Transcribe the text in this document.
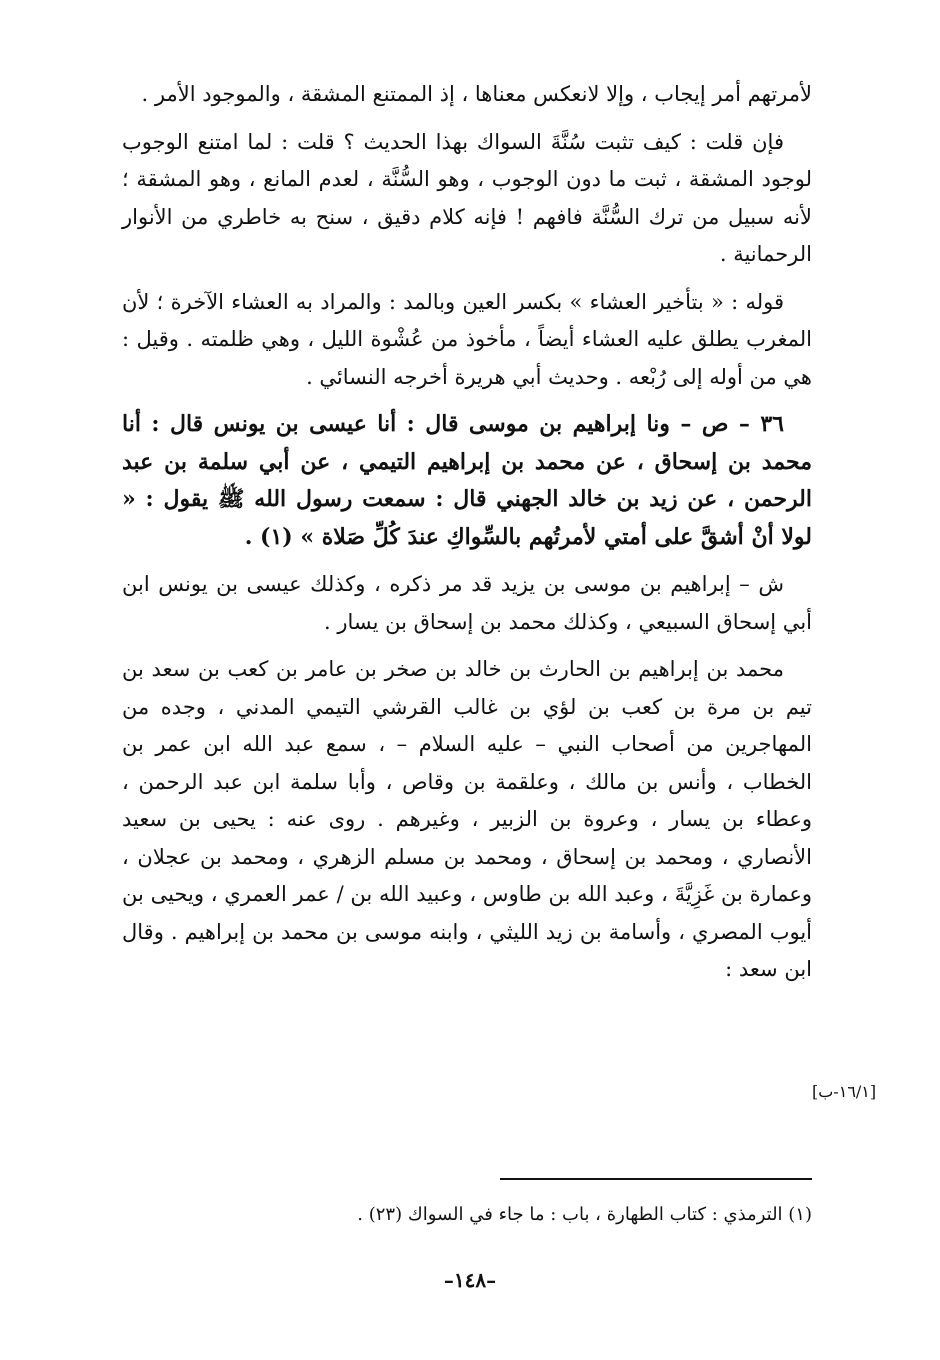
لأمرتهم أمر إيجاب ، وإلا لانعكس معناها ، إذ الممتنع المشقة ، والموجود الأمر .

فإن قلت : كيف تثبت سُنَّةَ السواك بهذا الحديث ؟ قلت : لما امتنع الوجوب لوجود المشقة ، ثبت ما دون الوجوب ، وهو السُّنَّة ، لعدم المانع ، وهو المشقة ؛ لأنه سبيل من ترك السُّنَّة فافهم ! فإنه كلام دقيق ، سنح به خاطري من الأنوار الرحمانية .

قوله : « بتأخير العشاء » بكسر العين وبالمد : والمراد به العشاء الآخرة ؛ لأن المغرب يطلق عليه العشاء أيضاً ، مأخوذ من عُشْوة الليل ، وهي ظلمته . وقيل : هي من أوله إلى رُبْعه . وحديث أبي هريرة أخرجه النسائي .

٣٦ – ص – ونا إبراهيم بن موسى قال : أنا عيسى بن يونس قال : أنا محمد بن إسحاق ، عن محمد بن إبراهيم التيمي ، عن أبي سلمة بن عبد الرحمن ، عن زيد بن خالد الجهني قال : سمعت رسول الله ﷺ يقول : « لولا أنْ أشقَّ على أمتي لأمرتُهم بالسِّواكِ عندَ كُلِّ صَلاة » (١) .

ش – إبراهيم بن موسى بن يزيد قد مر ذكره ، وكذلك عيسى بن يونس ابن أبي إسحاق السبيعي ، وكذلك محمد بن إسحاق بن يسار .

محمد بن إبراهيم بن الحارث بن خالد بن صخر بن عامر بن كعب بن سعد بن تيم بن مرة بن كعب بن لؤي بن غالب القرشي التيمي المدني ، وجده من المهاجرين من أصحاب النبي – عليه السلام – ، سمع عبد الله ابن عمر بن الخطاب ، وأنس بن مالك ، وعلقمة بن وقاص ، وأبا سلمة ابن عبد الرحمن ، وعطاء بن يسار ، وعروة بن الزبير ، وغيرهم . روى عنه : يحيى بن سعيد الأنصاري ، ومحمد بن إسحاق ، ومحمد بن مسلم الزهري ، ومحمد بن عجلان ، وعمارة بن غَزِيَّةَ ، وعبد الله بن طاوس ، وعبيد الله بن / عمر العمري ، ويحيى بن أيوب المصري ، وأسامة بن زيد الليثي ، وابنه موسى بن محمد بن إبراهيم . وقال ابن سعد :

[١٦/١-ب]
(١) الترمذي : كتاب الطهارة ، باب : ما جاء في السواك (٢٣) .
–١٤٨–
